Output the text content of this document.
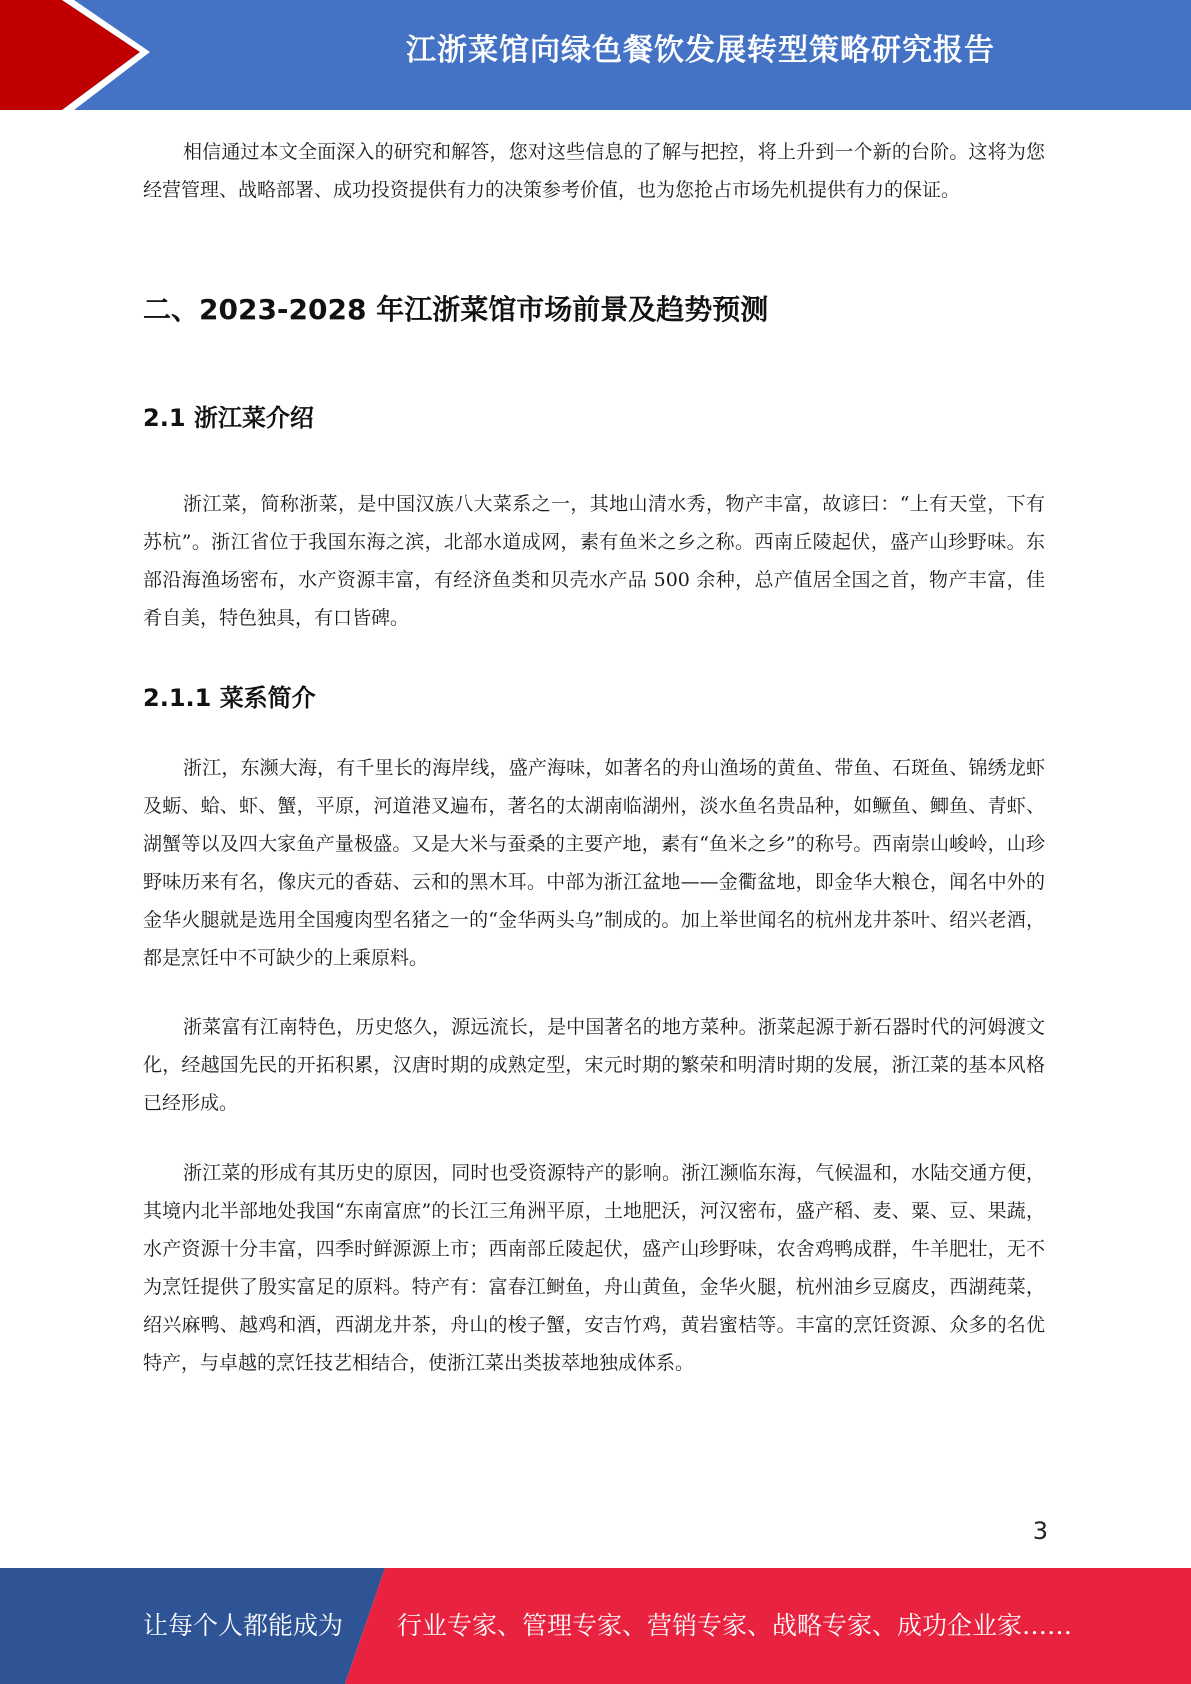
江浙菜馆向绿色餐饮发展转型策略研究报告

相信通过本文全面深入的研究和解答，您对这些信息的了解与把控，将上升到一个新的台阶。这将为您经营管理、战略部署、成功投资提供有力的决策参考价值，也为您抢占市场先机提供有力的保证。

二、2023-2028 年江浙菜馆市场前景及趋势预测
2.1 浙江菜介绍

浙江菜，简称浙菜，是中国汉族八大菜系之一，其地山清水秀，物产丰富，故谚曰：“上有天堂，下有苏杭”。浙江省位于我国东海之滨，北部水道成网，素有鱼米之乡之称。西南丘陵起伏，盛产山珍野味。东部沿海渔场密布，水产资源丰富，有经济鱼类和贝壳水产品 500 余种，总产值居全国之首，物产丰富，佳肴自美，特色独具，有口皆碑。

2.1.1 菜系简介

浙江，东濒大海，有千里长的海岸线，盛产海味，如著名的舟山渔场的黄鱼、带鱼、石斑鱼、锦绣龙虾及蛎、蛤、虾、蟹，平原，河道港叉遍布，著名的太湖南临湖州，淡水鱼名贵品种，如鳜鱼、鲫鱼、青虾、湖蟹等以及四大家鱼产量极盛。又是大米与蚕桑的主要产地，素有“鱼米之乡”的称号。西南崇山峻岭，山珍野味历来有名，像庆元的香菇、云和的黑木耳。中部为浙江盆地——金衢盆地，即金华大粮仓，闻名中外的金华火腿就是选用全国瘦肉型名猪之一的“金华两头乌”制成的。加上举世闻名的杭州龙井茶叶、绍兴老酒，都是烹饪中不可缺少的上乘原料。

浙菜富有江南特色，历史悠久，源远流长，是中国著名的地方菜种。浙菜起源于新石器时代的河姆渡文化，经越国先民的开拓积累，汉唐时期的成熟定型，宋元时期的繁荣和明清时期的发展，浙江菜的基本风格已经形成。

浙江菜的形成有其历史的原因，同时也受资源特产的影响。浙江濒临东海，气候温和，水陆交通方便，其境内北半部地处我国“东南富庶”的长江三角洲平原，土地肥沃，河汉密布，盛产稻、麦、粟、豆、果蔬，水产资源十分丰富，四季时鲜源源上市；西南部丘陵起伏，盛产山珍野味，农舍鸡鸭成群，牛羊肥壮，无不为烹饪提供了殷实富足的原料。特产有：富春江鲥鱼，舟山黄鱼，金华火腿，杭州油乡豆腐皮，西湖莼菜，绍兴麻鸭、越鸡和酒，西湖龙井茶，舟山的梭子蟹，安吉竹鸡，黄岩蜜桔等。丰富的烹饪资源、众多的名优特产，与卓越的烹饪技艺相结合，使浙江菜出类拔萃地独成体系。

3
让每个人都能成为 行业专家、管理专家、营销专家、战略专家、成功企业家……
